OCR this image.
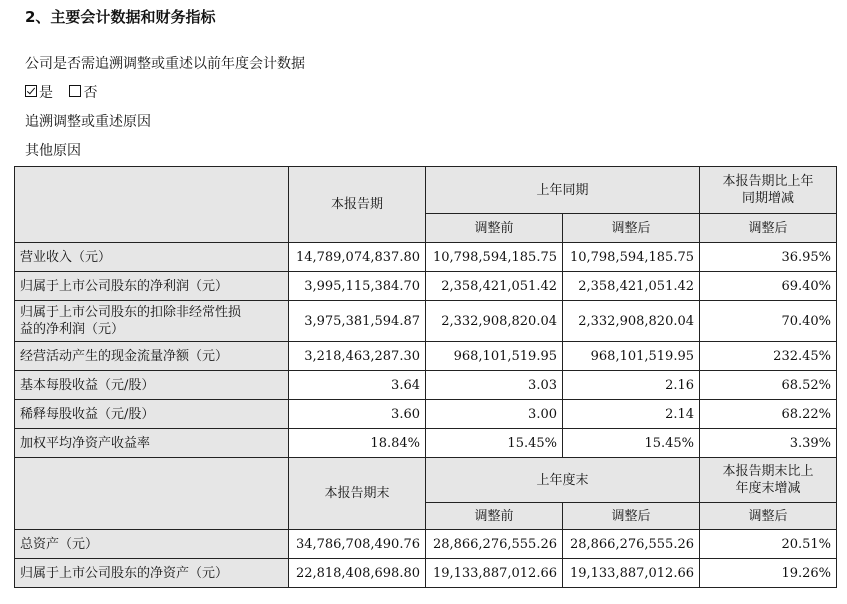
2、主要会计数据和财务指标
公司是否需追溯调整或重述以前年度会计数据
是 否
追溯调整或重述原因
其他原因
	本报告期	上年同期		本报告期比上年
同期增减

		调整前	调整后	调整后
营业收入（元）	14,789,074,837.80	10,798,594,185.75	10,798,594,185.75	36.95%
归属于上市公司股东的净利润（元）	3,995,115,384.70	2,358,421,051.42	2,358,421,051.42	69.40%

归属于上市公司股东的扣除非经常性损
益的净利润（元）	3,975,381,594.87	2,332,908,820.04	2,332,908,820.04	70.40%
经营活动产生的现金流量净额（元）	3,218,463,287.30	968,101,519.95	968,101,519.95	232.45%
基本每股收益（元/股）	3.64	3.03	2.16	68.52%
稀释每股收益（元/股）	3.60	3.00	2.14	68.22%
加权平均净资产收益率	18.84%	15.45%	15.45%	3.39%
	本报告期末	上年度末		本报告期末比上
年度末增减

		调整前	调整后	调整后
总资产（元）	34,786,708,490.76	28,866,276,555.26	28,866,276,555.26	20.51%
归属于上市公司股东的净资产（元）	22,818,408,698.80	19,133,887,012.66	19,133,887,012.66	19.26%
